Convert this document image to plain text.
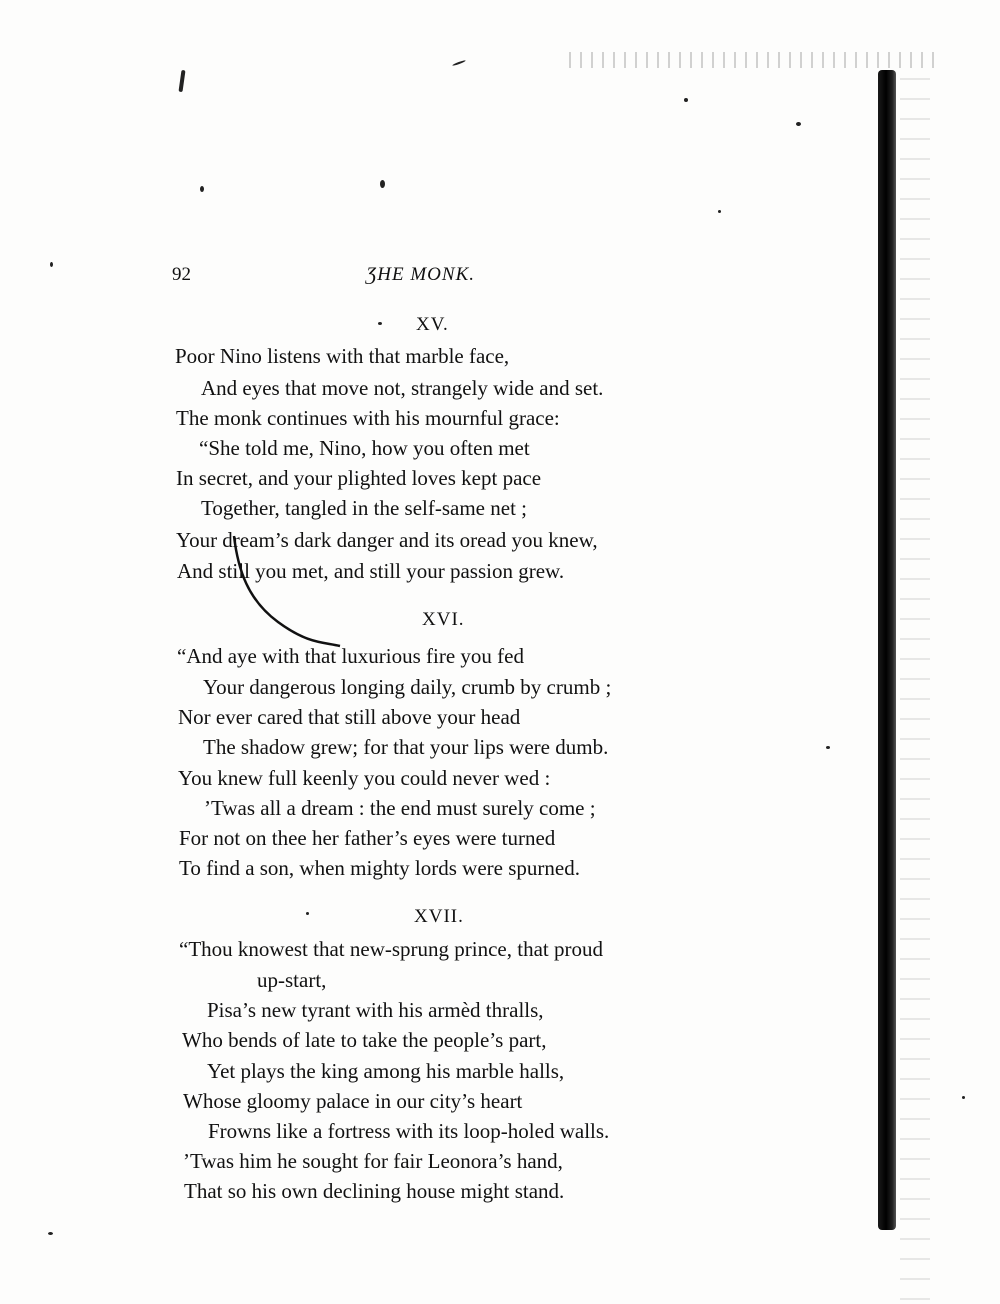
92	ƷHE MONK.
XV.
Poor Nino listens with that marble face,
And eyes that move not, strangely wide and set.
The monk continues with his mournful grace:
“She told me, Nino, how you often met
In secret, and your plighted loves kept pace
Together, tangled in the self-same net ;
Your dream’s dark danger and its oread you knew,
And still you met, and still your passion grew.
XVI.
“And aye with that luxurious fire you fed
Your dangerous longing daily, crumb by crumb ;
Nor ever cared that still above your head
The shadow grew; for that your lips were dumb.
You knew full keenly you could never wed :
’Twas all a dream : the end must surely come ;
For not on thee her father’s eyes were turned
To find a son, when mighty lords were spurned.
XVII.
“Thou knowest that new-sprung prince, that proud
up-start,
Pisa’s new tyrant with his armèd thralls,
Who bends of late to take the people’s part,
Yet plays the king among his marble halls,
Whose gloomy palace in our city’s heart
Frowns like a fortress with its loop-holed walls.
’Twas him he sought for fair Leonora’s hand,
That so his own declining house might stand.
